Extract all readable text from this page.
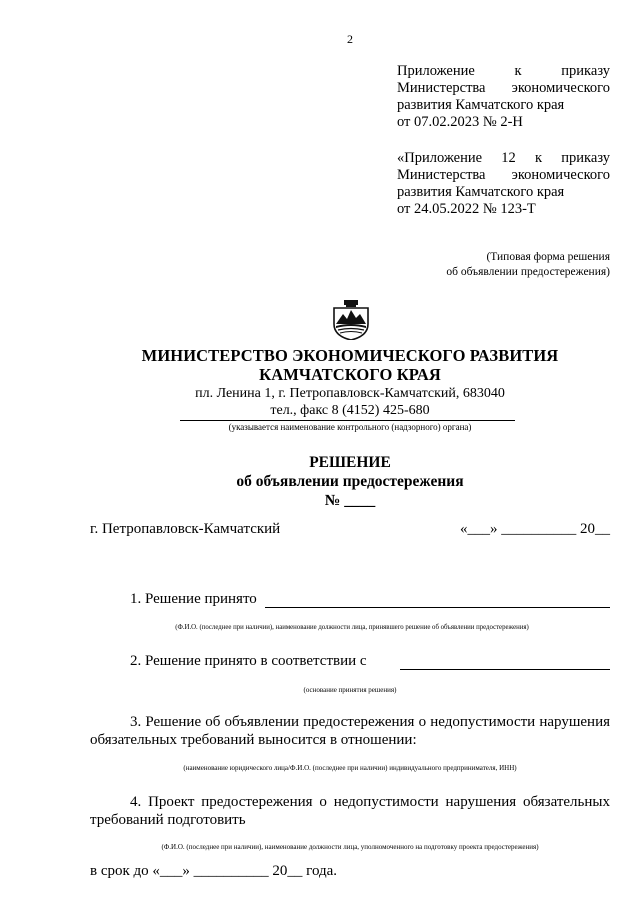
2
Приложение к приказу
Министерства экономического
развития Камчатского края
от 07.02.2023 № 2-Н
«Приложение 12 к приказу
Министерства экономического
развития Камчатского края
от 24.05.2022 № 123-Т
(Типовая форма решения
об объявлении предостережения)
МИНИСТЕРСТВО ЭКОНОМИЧЕСКОГО РАЗВИТИЯ
КАМЧАТСКОГО КРАЯ
пл. Ленина 1, г. Петропавловск-Камчатский, 683040
тел., факс 8 (4152) 425-680
(указывается наименование контрольного (надзорного) органа)
РЕШЕНИЕ
об объявлении предостережения
№ ____
г. Петропавловск-Камчатский	«___» __________ 20__
1. Решение принято
(Ф.И.О. (последнее при наличии), наименование должности лица, принявшего решение об объявлении предостережения)
2. Решение принято в соответствии с
(основание принятия решения)
3. Решение об объявлении предостережения о недопустимости нарушения
обязательных требований выносится в отношении:
(наименование юридического лица/Ф.И.О. (последнее при наличии) индивидуального предпринимателя, ИНН)
4. Проект предостережения о недопустимости нарушения обязательных
требований подготовить
(Ф.И.О. (последнее при наличии), наименование должности лица, уполномоченного на подготовку проекта предостережения)
в срок до «___» __________ 20__ года.
